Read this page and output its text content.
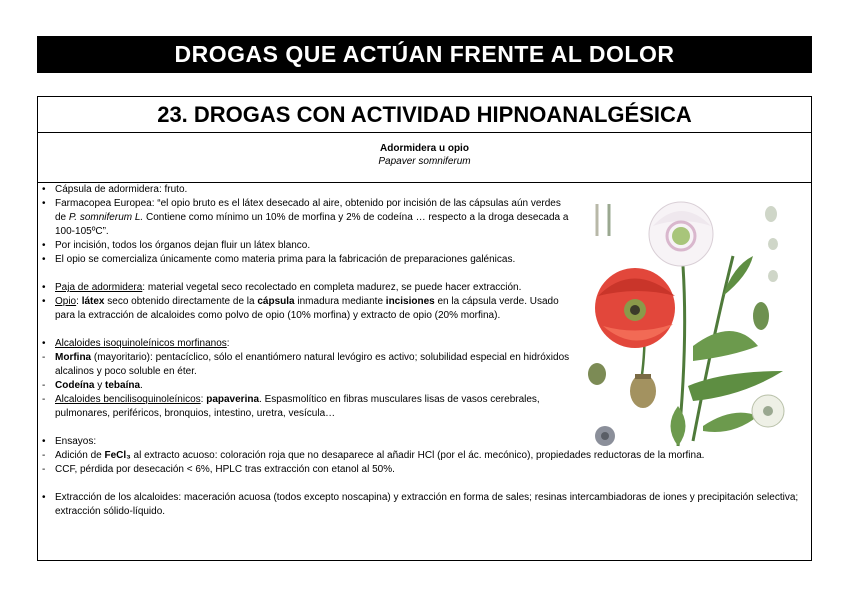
DROGAS QUE ACTÚAN FRENTE AL DOLOR
23. DROGAS CON ACTIVIDAD HIPNOANALGÉSICA
Adormidera u opio
Papaver somniferum
• Cápsula de adormidera: fruto.
• Farmacopea Europea: “el opio bruto es el látex desecado al aire, obtenido por incisión de las cápsulas aún verdes de P. somniferum L. Contiene como mínimo un 10% de morfina y 2% de codeína … respecto a la droga desecada a 100-105ºC”.
• Por incisión, todos los órganos dejan fluir un látex blanco.
• El opio se comercializa únicamente como materia prima para la fabricación de preparaciones galénicas.
• Paja de adormidera: material vegetal seco recolectado en completa madurez, se puede hacer extracción.
• Opio: látex seco obtenido directamente de la cápsula inmadura mediante incisiones en la cápsula verde. Usado para la extracción de alcaloides como polvo de opio (10% morfina) y extracto de opio (20% morfina).
• Alcaloides isoquinoleínicos morfinanos:
- Morfina (mayoritario): pentacíclico, sólo el enantiómero natural levógiro es activo; solubilidad especial en hidróxidos alcalinos y poco soluble en éter.
- Codeína y tebaína.
- Alcaloides bencilisoquinoleínicos: papaverina. Espasmolítico en fibras musculares lisas de vasos cerebrales, pulmonares, periféricos, bronquios, intestino, uretra, vesícula…
• Ensayos:
- Adición de FeCl₃ al extracto acuoso: coloración roja que no desaparece al añadir HCl (por el ác. mecónico), propiedades reductoras de la morfina.
- CCF, pérdida por desecación < 6%, HPLC tras extracción con etanol al 50%.
• Extracción de los alcaloides: maceración acuosa (todos excepto noscapina) y extracción en forma de sales; resinas intercambiadoras de iones y precipitación selectiva; extracción sólido-líquido.
